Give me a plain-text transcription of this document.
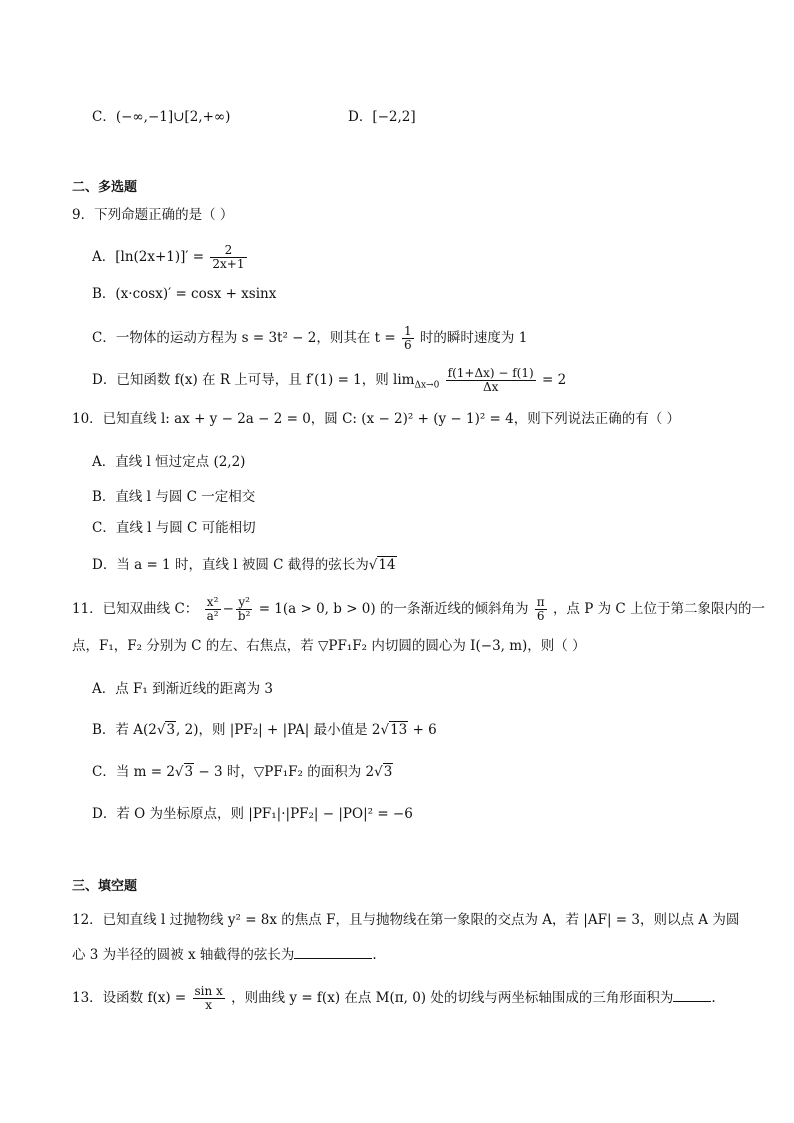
C．(−∞,−1]∪[2,+∞)	D．[−2,2]
二、多选题
9．下列命题正确的是（ ）
A．$[\ln(2x+1)]' = \frac{2}{2x+1}$
B．(x·cosx)′ = cosx + xsinx
C．一物体的运动方程为 s = 3t² − 2，则其在 $t = \frac{1}{6}$ 时的瞬时速度为 1
D．已知函数 f(x) 在 R 上可导，且 f′(1) = 1，则 $\lim_{\Delta x\to 0} \frac{f(1+\Delta x) - f(1)}{\Delta x} = 2$
10．已知直线 l: ax + y − 2a − 2 = 0，圆 C: (x − 2)² + (y − 1)² = 4，则下列说法正确的有（ ）
A．直线 l 恒过定点 (2,2)
B．直线 l 与圆 C 一定相交
C．直线 l 与圆 C 可能相切
D．当 a = 1 时，直线 l 被圆 C 截得的弦长为√14
11．已知双曲线 C： $\frac{\text{x²}}{\text{a²}} - \frac{\text{y²}}{\text{b²}} = 1(a > 0$, b > 0) 的一条渐近线的倾斜角为 $\frac{\pi}{6}$ ，点 P 为 C 上位于第二象限内的一
点，F₁，F₂ 分别为 C 的左、右焦点，若 ▽PF₁F₂ 内切圆的圆心为 I(−3, m)，则（ ）
A．点 F₁ 到渐近线的距离为 3
B．若 A(2√3, 2)，则 |PF₂| + |PA| 最小值是 2√13 + 6
C．当 m = 2√3 − 3 时，▽PF₁F₂ 的面积为 2√3
D．若 O 为坐标原点，则 |PF₁|·|PF₂| − |PO|² = −6
三、填空题
12．已知直线 l 过抛物线 y² = 8x 的焦点 F，且与抛物线在第一象限的交点为 A，若 |AF| = 3，则以点 A 为圆
心 3 为半径的圆被 x 轴截得的弦长为	.
13．设函数 $f(x) = \frac{\text{sin x}}{x}$ ，则曲线 y = f(x) 在点 M(π, 0) 处的切线与两坐标轴围成的三角形面积为	.
